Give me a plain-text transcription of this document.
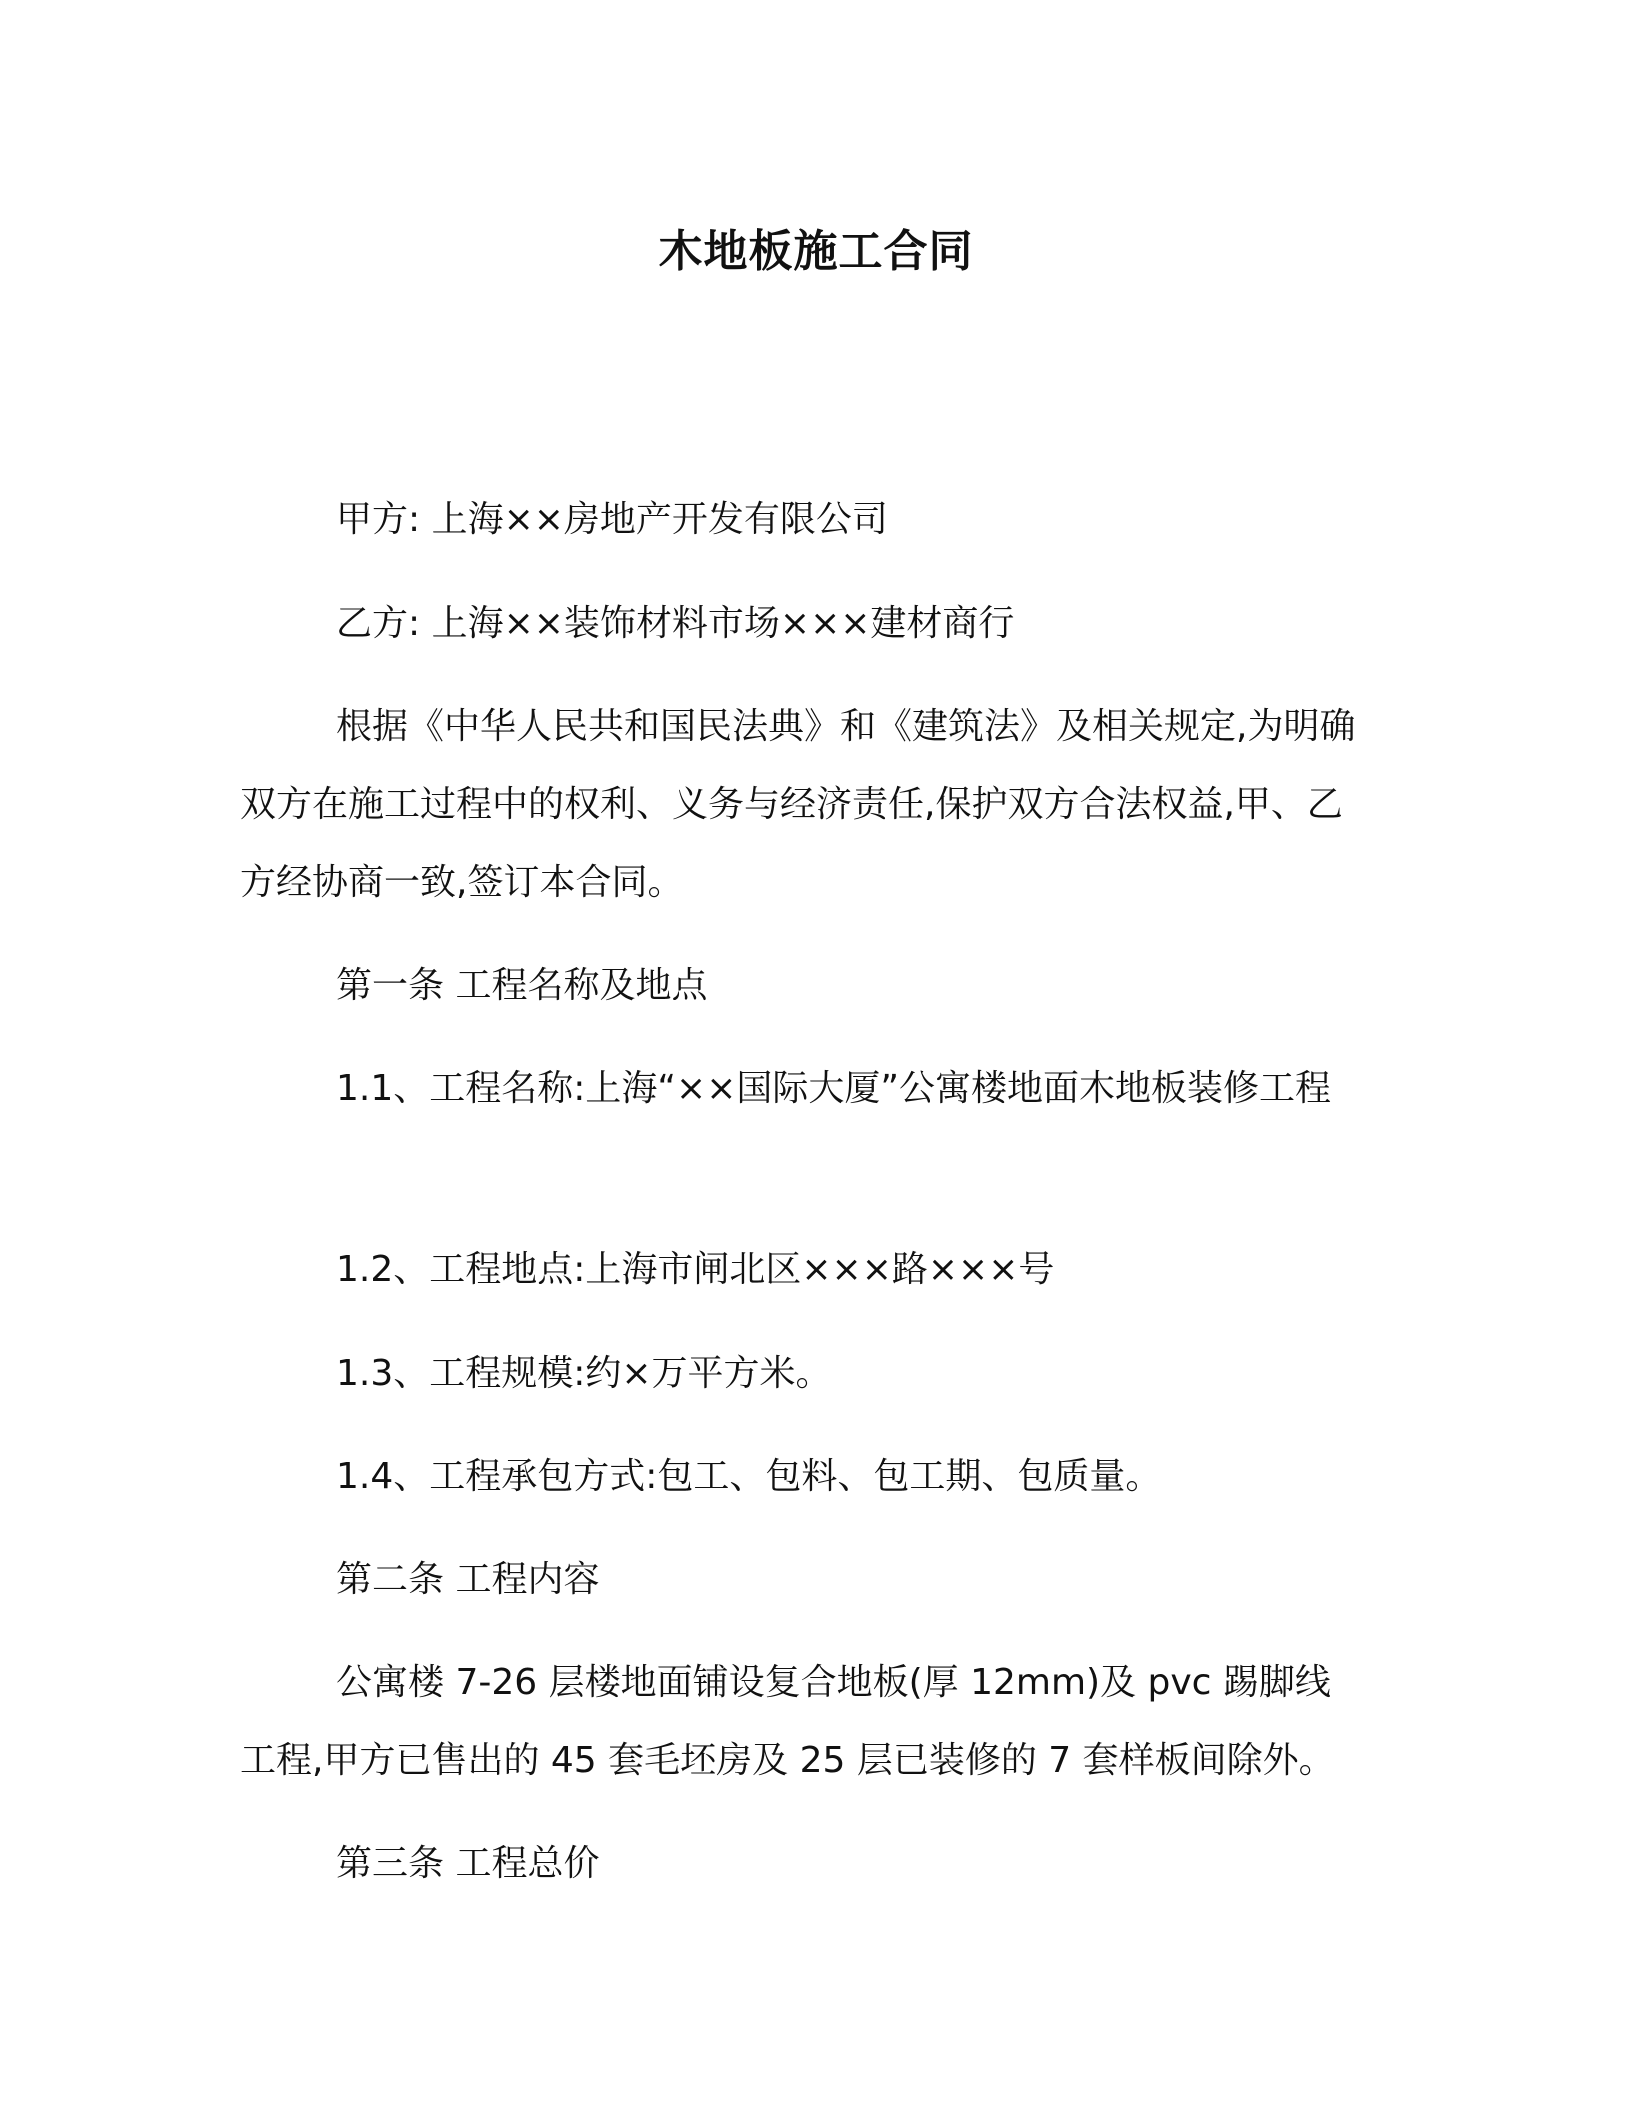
木地板施工合同
甲方: 上海××房地产开发有限公司
乙方: 上海××装饰材料市场×××建材商行
根据《中华人民共和国民法典》和《建筑法》及相关规定,为明确双方在施工过程中的权利、义务与经济责任,保护双方合法权益,甲、乙方经协商一致,签订本合同。
第一条 工程名称及地点
1.1、工程名称:上海“××国际大厦”公寓楼地面木地板装修工程
1.2、工程地点:上海市闸北区×××路×××号
1.3、工程规模:约×万平方米。
1.4、工程承包方式:包工、包料、包工期、包质量。
第二条 工程内容
公寓楼 7-26 层楼地面铺设复合地板(厚 12mm)及 pvc 踢脚线工程,甲方已售出的 45 套毛坯房及 25 层已装修的 7 套样板间除外。
第三条 工程总价
